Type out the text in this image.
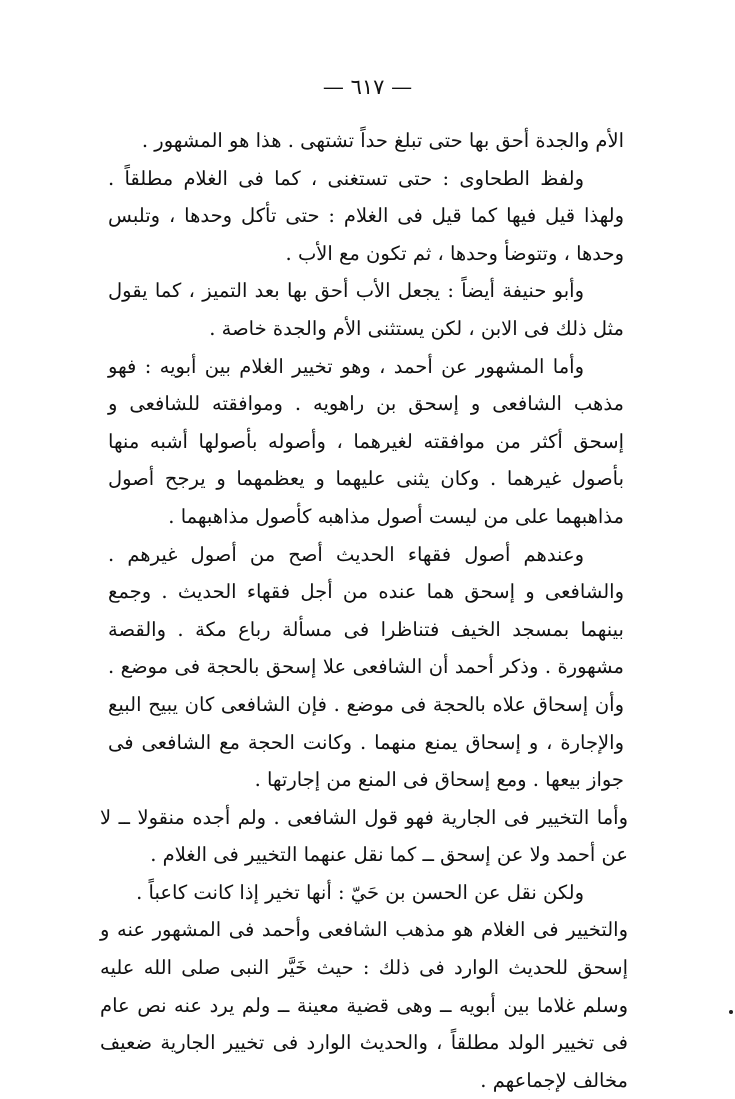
— ٦١٧ —

الأم والجدة أحق بها حتى تبلغ حداً تشتهى . هذا هو المشهور .

ولفظ الطحاوى : حتى تستغنى ، كما فى الغلام مطلقاً . ولهذا قيل فيها كما قيل فى الغلام : حتى تأكل وحدها ، وتلبس وحدها ، وتتوضأ وحدها ، ثم تكون مع الأب .

وأبو حنيفة أيضاً : يجعل الأب أحق بها بعد التميز ، كما يقول مثل ذلك فى الابن ، لكن يستثنى الأم والجدة خاصة .

وأما المشهور عن أحمد ، وهو تخيير الغلام بين أبويه : فهو مذهب الشافعى و إسحق بن راهويه . وموافقته للشافعى و إسحق أكثر من موافقته لغيرهما ، وأصوله بأصولها أشبه منها بأصول غيرهما . وكان يثنى عليهما و يعظمهما و يرجح أصول مذاهبهما على من ليست أصول مذاهبه كأصول مذاهبهما .

وعندهم أصول فقهاء الحديث أصح من أصول غيرهم . والشافعى و إسحق هما عنده من أجل فقهاء الحديث . وجمع بينهما بمسجد الخيف فتناظرا فى مسألة رباع مكة . والقصة مشهورة . وذكر أحمد أن الشافعى علا إسحق بالحجة فى موضع . وأن إسحاق علاه بالحجة فى موضع . فإن الشافعى كان يبيح البيع والإجارة ، و إسحاق يمنع منهما . وكانت الحجة مع الشافعى فى جواز بيعها . ومع إسحاق فى المنع من إجارتها .

وأما التخيير فى الجارية فهو قول الشافعى . ولم أجده منقولا ــ لا عن أحمد ولا عن إسحق ــ كما نقل عنهما التخيير فى الغلام .

ولكن نقل عن الحسن بن حَيّ : أنها تخير إذا كانت كاعباً .

والتخيير فى الغلام هو مذهب الشافعى وأحمد فى المشهور عنه و إسحق للحديث الوارد فى ذلك : حيث خَيَّر النبى صلى الله عليه وسلم غلاما بين أبويه ــ وهى قضية معينة ــ ولم يرد عنه نص عام فى تخيير الولد مطلقاً ، والحديث الوارد فى تخيير الجارية ضعيف مخالف لإجماعهم .
